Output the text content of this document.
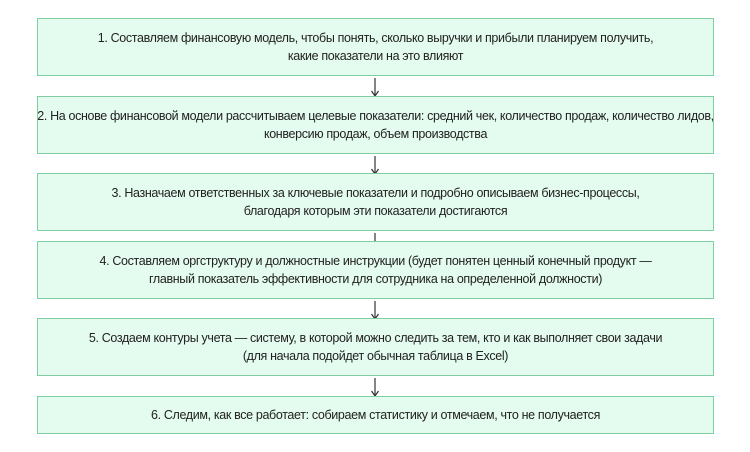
1. Составляем финансовую модель, чтобы понять, сколько выручки и прибыли планируем получить,
какие показатели на это влияют
2. На основе финансовой модели рассчитываем целевые показатели: средний чек, количество продаж, количество лидов,
конверсию продаж, объем производства
3. Назначаем ответственных за ключевые показатели и подробно описываем бизнес-процессы,
благодаря которым эти показатели достигаются
4. Составляем оргструктуру и должностные инструкции (будет понятен ценный конечный продукт —
главный показатель эффективности для сотрудника на определенной должности)
5. Создаем контуры учета — систему, в которой можно следить за тем, кто и как выполняет свои задачи
(для начала подойдет обычная таблица в Excel)
6. Следим, как все работает: собираем статистику и отмечаем, что не получается
